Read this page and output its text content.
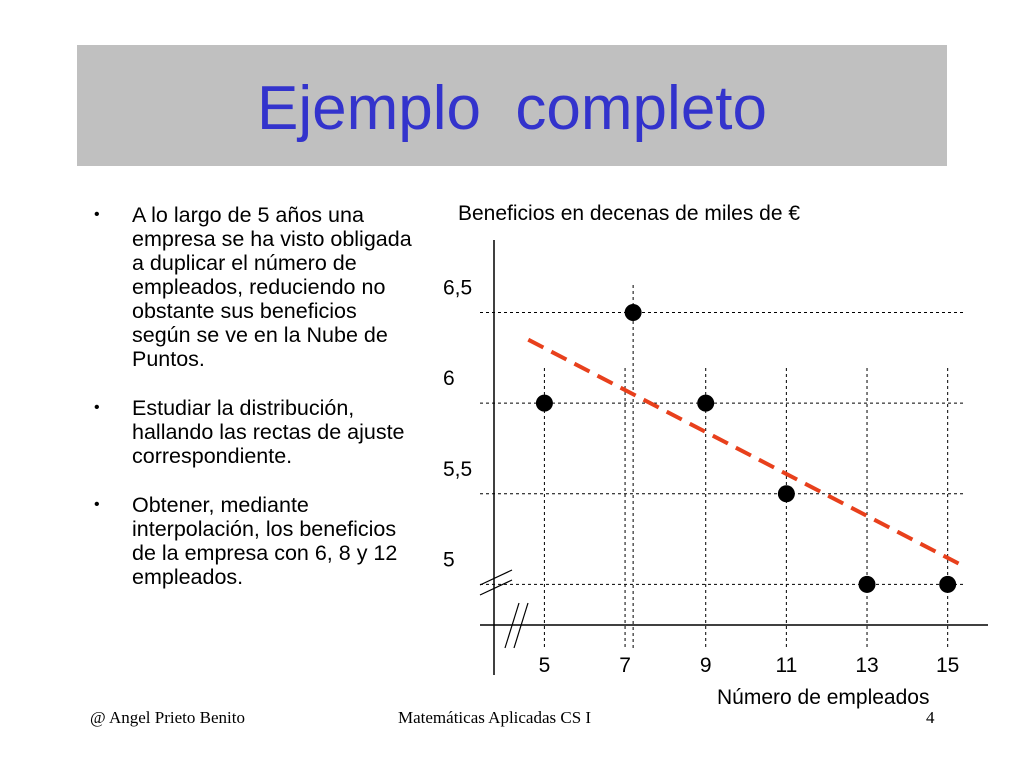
Ejemplo  completo
• A lo largo de 5 años una empresa se ha visto obligada a duplicar el número de empleados, reduciendo no obstante sus beneficios según se ve en la Nube de Puntos.
• Estudiar la distribución, hallando las rectas de ajuste correspondiente.
• Obtener, mediante interpolación, los beneficios de la empresa con 6, 8 y 12 empleados.
5	7	9	11	13	15
5
5,5
6
6,5
Beneficios en decenas de miles de €
Número de empleados
@ Angel Prieto Benito	Matemáticas Aplicadas CS I	4
